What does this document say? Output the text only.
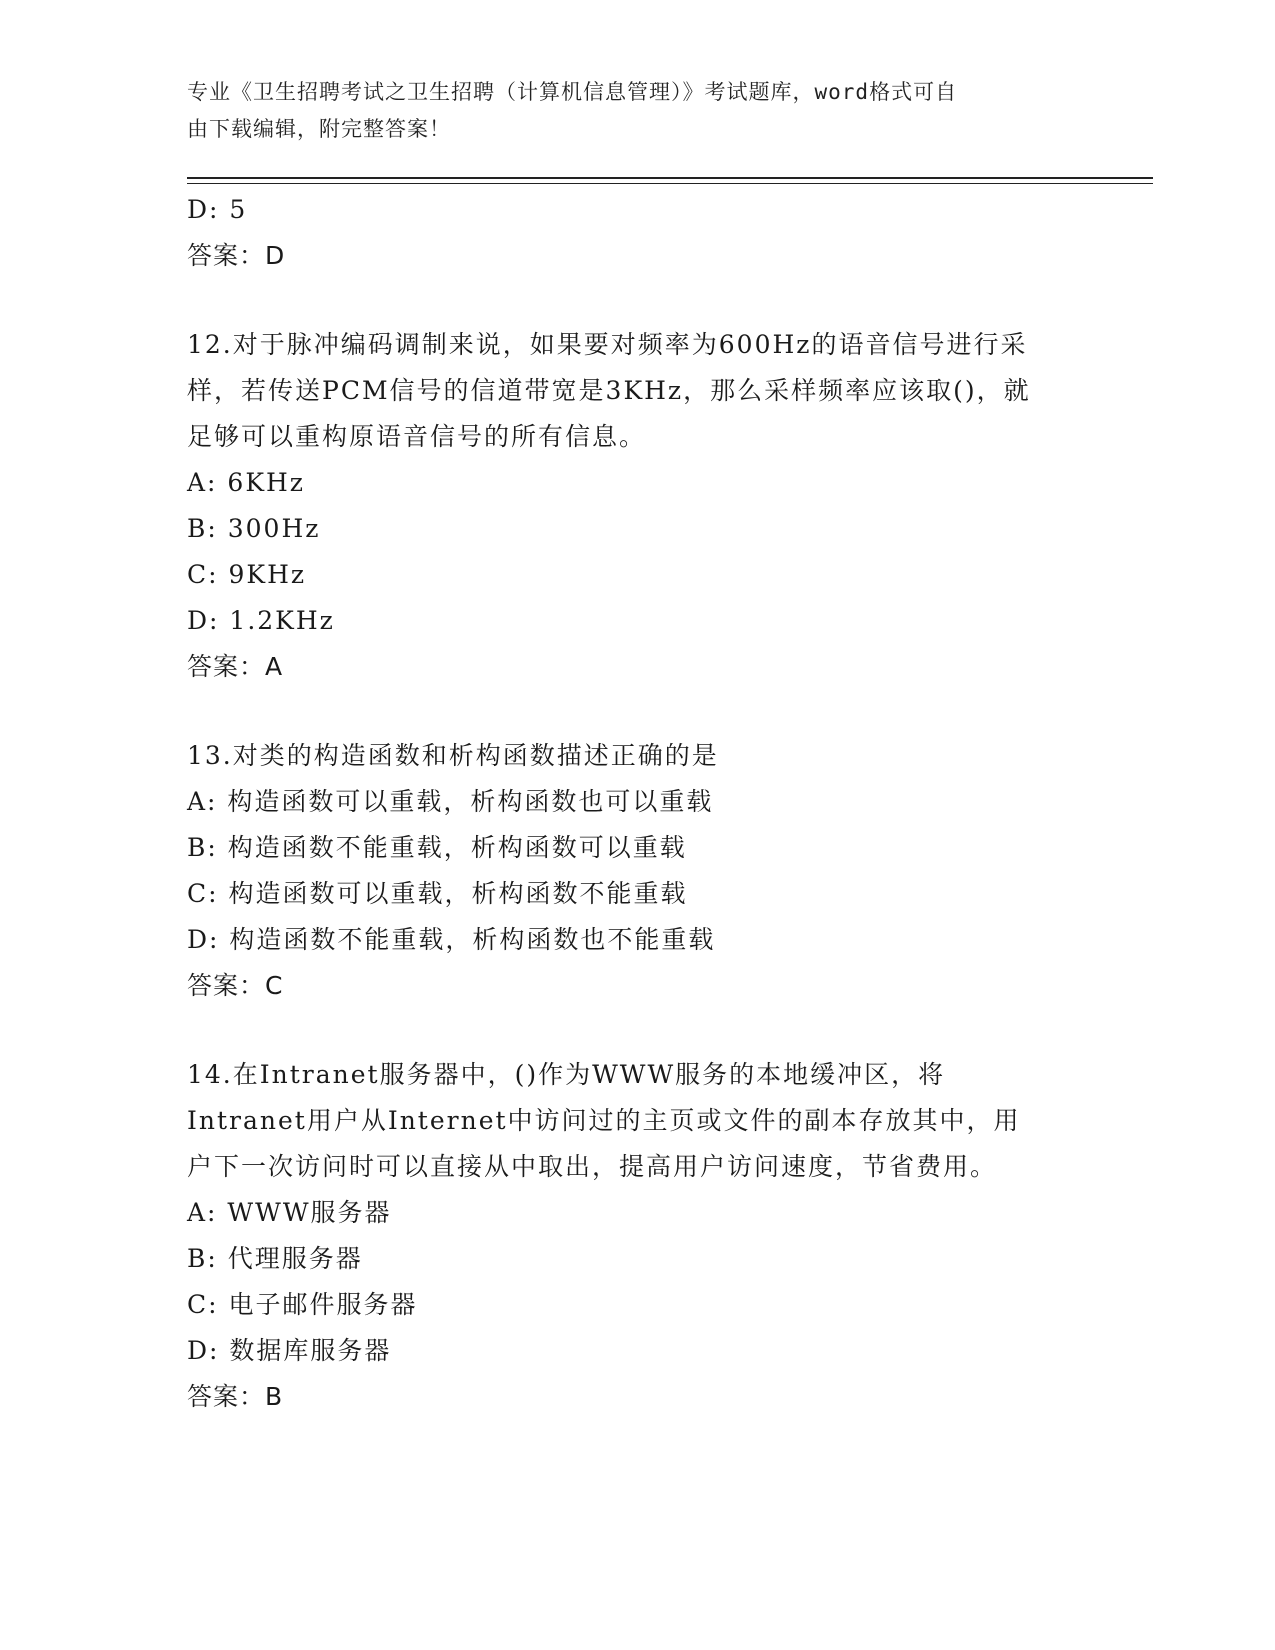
专业《卫生招聘考试之卫生招聘（计算机信息管理）》考试题库，word格式可自
由下载编辑，附完整答案！
D: 5
答案：D
12.对于脉冲编码调制来说，如果要对频率为600Hz的语音信号进行采
样，若传送PCM信号的信道带宽是3KHz，那么采样频率应该取()，就
足够可以重构原语音信号的所有信息。
A: 6KHz
B: 300Hz
C: 9KHz
D: 1.2KHz
答案：A
13.对类的构造函数和析构函数描述正确的是
A: 构造函数可以重载，析构函数也可以重载
B: 构造函数不能重载，析构函数可以重载
C: 构造函数可以重载，析构函数不能重载
D: 构造函数不能重载，析构函数也不能重载
答案：C
14.在Intranet服务器中，()作为WWW服务的本地缓冲区，将
Intranet用户从Internet中访问过的主页或文件的副本存放其中，用
户下一次访问时可以直接从中取出，提高用户访问速度，节省费用。
A: WWW服务器
B: 代理服务器
C: 电子邮件服务器
D: 数据库服务器
答案：B
